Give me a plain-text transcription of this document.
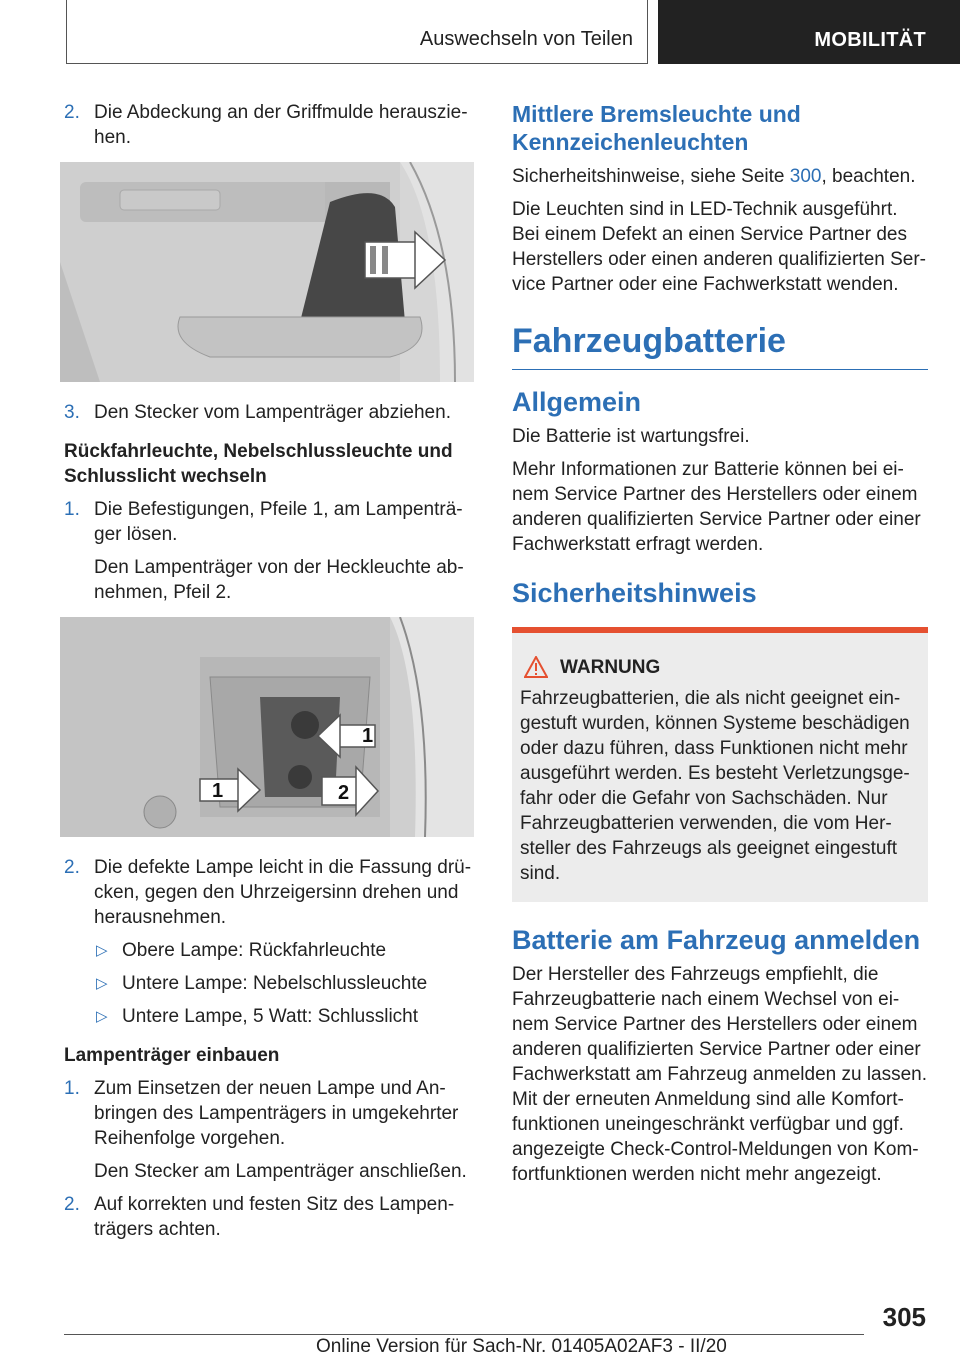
Auswechseln von Teilen	MOBILITÄT
2. Die Abdeckung an der Griffmulde herauszie-hen.
3. Den Stecker vom Lampenträger abziehen.
Rückfahrleuchte, Nebelschlussleuchte und Schlusslicht wechseln
1. Die Befestigungen, Pfeile 1, am Lampenträ-ger lösen.
Den Lampenträger von der Heckleuchte ab-nehmen, Pfeil 2.
1
1	2
2. Die defekte Lampe leicht in die Fassung drü-cken, gegen den Uhrzeigersinn drehen und herausnehmen.
▷ Obere Lampe: Rückfahrleuchte
▷ Untere Lampe: Nebelschlussleuchte
▷ Untere Lampe, 5 Watt: Schlusslicht
Lampenträger einbauen
1. Zum Einsetzen der neuen Lampe und An-bringen des Lampenträgers in umgekehrter Reihenfolge vorgehen.
Den Stecker am Lampenträger anschließen.
2. Auf korrekten und festen Sitz des Lampen-trägers achten.
Mittlere Bremsleuchte und Kennzeichenleuchten

Sicherheitshinweise, siehe Seite 300, beachten.

Die Leuchten sind in LED-Technik ausgeführt. Bei einem Defekt an einen Service Partner des Herstellers oder einen anderen qualifizierten Ser-vice Partner oder eine Fachwerkstatt wenden.

Fahrzeugbatterie
Allgemein

Die Batterie ist wartungsfrei.

Mehr Informationen zur Batterie können bei ei-nem Service Partner des Herstellers oder einem anderen qualifizierten Service Partner oder einer Fachwerkstatt erfragt werden.

Sicherheitshinweis
WARNUNG

Fahrzeugbatterien, die als nicht geeignet ein-gestuft wurden, können Systeme beschädigen oder dazu führen, dass Funktionen nicht mehr ausgeführt werden. Es besteht Verletzungsge-fahr oder die Gefahr von Sachschäden. Nur Fahrzeugbatterien verwenden, die vom Her-steller des Fahrzeugs als geeignet eingestuft sind.

Batterie am Fahrzeug anmelden

Der Hersteller des Fahrzeugs empfiehlt, die Fahrzeugbatterie nach einem Wechsel von ei-nem Service Partner des Herstellers oder einem anderen qualifizierten Service Partner oder einer Fachwerkstatt am Fahrzeug anmelden zu lassen. Mit der erneuten Anmeldung sind alle Komfort-funktionen uneingeschränkt verfügbar und ggf. angezeigte Check-Control-Meldungen von Kom-fortfunktionen werden nicht mehr angezeigt.

305
Online Version für Sach-Nr. 01405A02AF3 - II/20
